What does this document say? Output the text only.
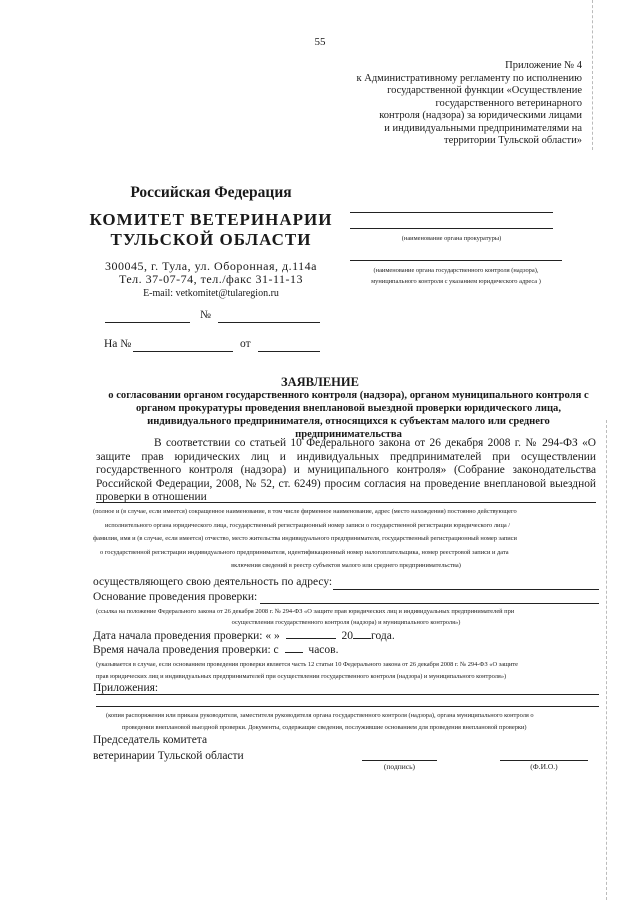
55
Приложение № 4
к Административному регламенту по исполнению
государственной функции «Осуществление
государственного ветеринарного
контроля (надзора) за юридическими лицами
и индивидуальными предпринимателями на
территории Тульской области»
Российская Федерация
КОМИТЕТ ВЕТЕРИНАРИИ
ТУЛЬСКОЙ ОБЛАСТИ
300045, г. Тула, ул. Оборонная, д.114а
Тел. 37-07-74, тел./факс 31-11-13
E-mail: vetkomitet@tularegion.ru
(наименование органа прокуратуры)
(наименование органа государственного контроля (надзора),
муниципального контроля с указанием юридического адреса )
№
На №	от
ЗАЯВЛЕНИЕ
о согласовании органом государственного контроля (надзора), органом муниципального контроля с
органом прокуратуры проведения внеплановой выездной проверки юридического лица,
индивидуального предпринимателя, относящихся к субъектам малого или среднего
предпринимательства
В соответствии со статьей 10 Федерального закона от 26 декабря 2008 г. № 294-ФЗ «О защите прав юридических лиц и индивидуальных предпринимателей при осуществлении государственного контроля (надзора) и муниципального контроля» (Собрание законодательства Российской Федерации, 2008, № 52, ст. 6249) просим согласия на проведение внеплановой выездной проверки в отношении
(полное и (в случае, если имеется) сокращенное наименование, в том числе фирменное наименование, адрес (место нахождения) постоянно действующего
исполнительного органа юридического лица, государственный регистрационный номер записи о государственной регистрации юридического лица /
фамилия, имя и (в случае, если имеется) отчество, место жительства индивидуального предпринимателя, государственный регистрационный номер записи
о государственной регистрации индивидуального предпринимателя, идентификационный номер налогоплательщика, номер реестровой записи и дата
включения сведений в реестр субъектов малого или среднего предпринимательства)
осуществляющего свою деятельность по адресу:
Основание проведения проверки:
(ссылка на положение Федерального закона от 26 декабря 2008 г. № 294-ФЗ «О защите прав юридических лиц и индивидуальных предпринимателей при
осуществлении государственного контроля (надзора) и муниципального контроля»)
Дата начала проведения проверки: « »	20 года.
Время начала проведения проверки: с	часов.
(указывается в случае, если основанием проведения проверки является часть 12 статьи 10 Федерального закона от 26 декабря 2008 г. № 294-ФЗ «О защите
прав юридических лиц и индивидуальных предпринимателей при осуществлении государственного контроля (надзора) и муниципального контроля»)
Приложения:
(копия распоряжения или приказа руководителя, заместителя руководителя органа государственного контроля (надзора), органа муниципального контроля о
проведении внеплановой выездной проверки. Документы, содержащие сведения, послужившие основанием для проведения внеплановой проверки)
Председатель комитета
ветеринарии Тульской области
(подпись)	(Ф.И.О.)
